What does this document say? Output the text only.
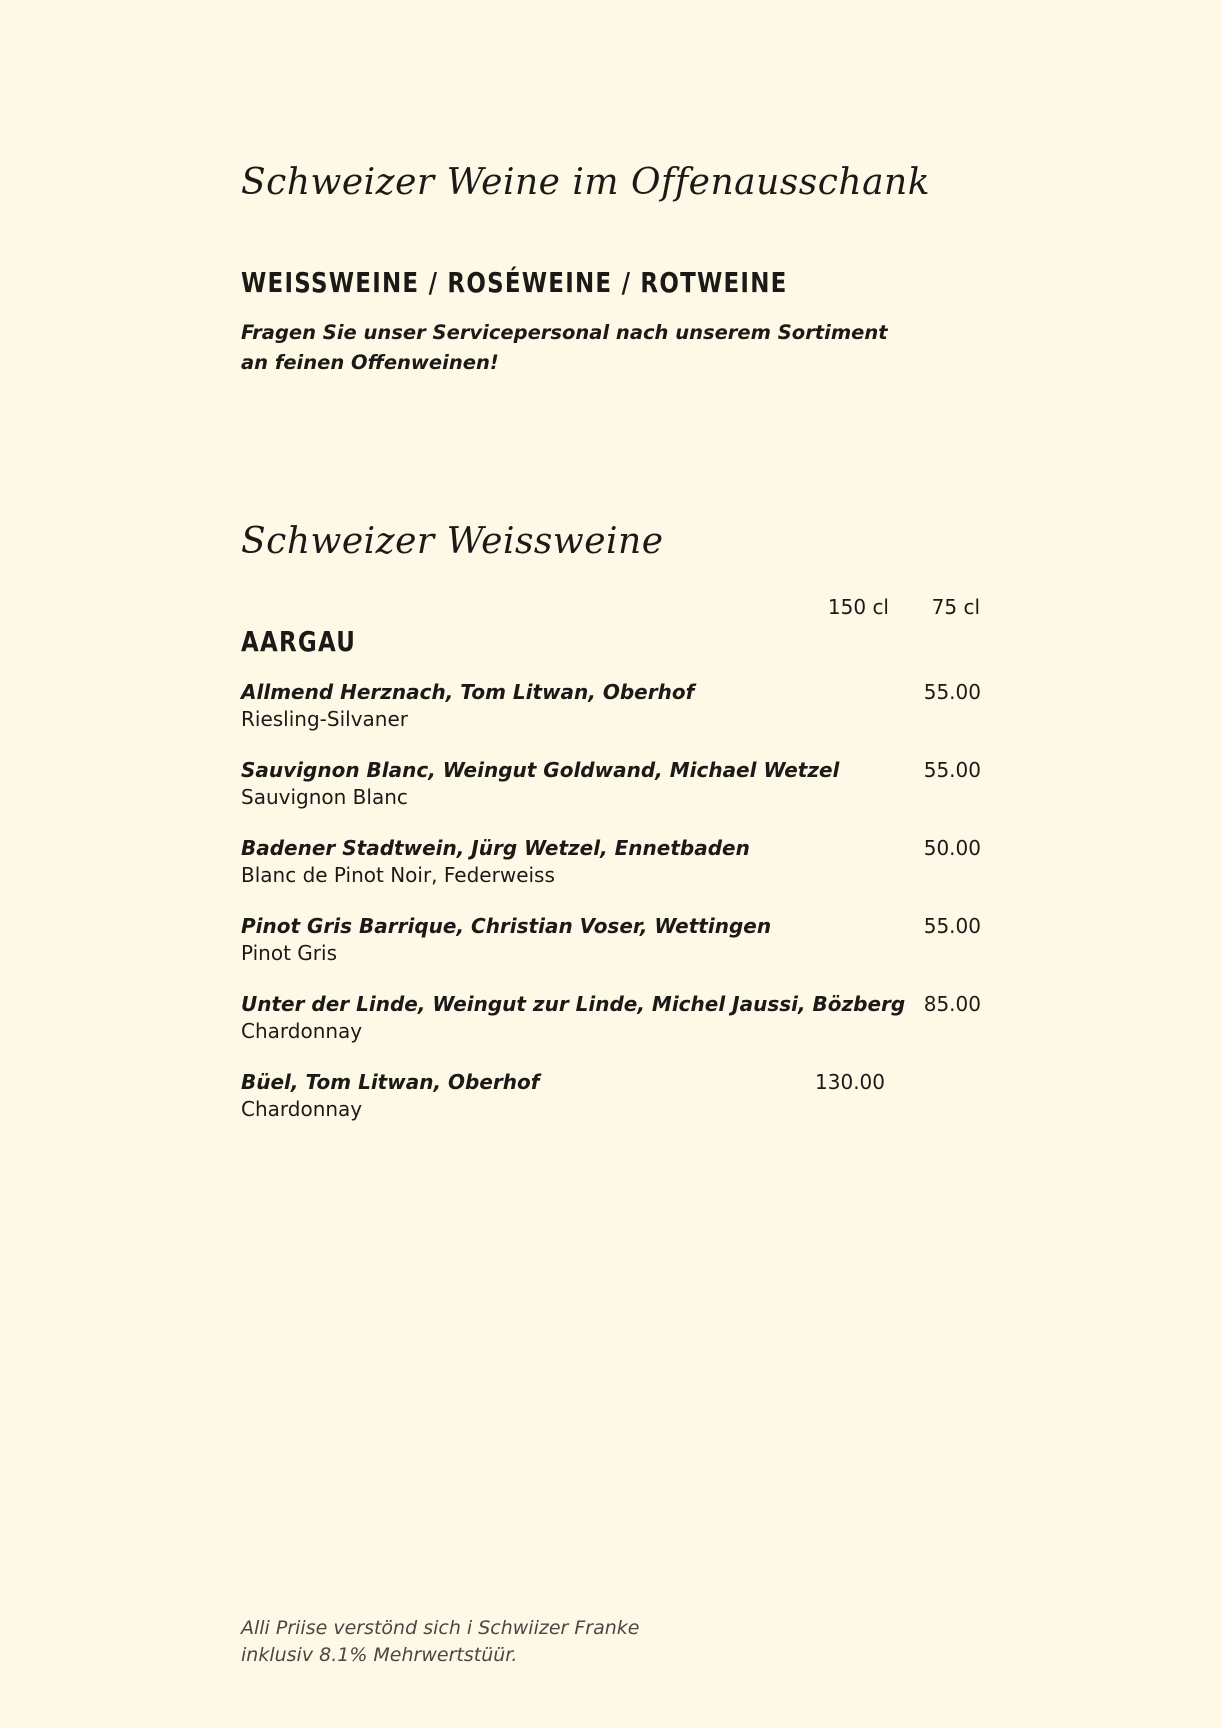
Schweizer Weine im Offenausschank
WEISSWEINE / ROSÉWEINE / ROTWEINE
Fragen Sie unser Servicepersonal nach unserem Sortiment
an feinen Offenweinen!
Schweizer Weissweine
150 cl 75 cl
AARGAU
Allmend Herznach, Tom Litwan, Oberhof
Riesling-Silvaner
55.00
Sauvignon Blanc, Weingut Goldwand, Michael Wetzel
Sauvignon Blanc
55.00
Badener Stadtwein, Jürg Wetzel, Ennetbaden
Blanc de Pinot Noir, Federweiss
50.00
Pinot Gris Barrique, Christian Voser, Wettingen
Pinot Gris
55.00
Unter der Linde, Weingut zur Linde, Michel Jaussi, Bözberg
Chardonnay
85.00
Büel, Tom Litwan, Oberhof
Chardonnay
130.00
Alli Priise verstönd sich i Schwiizer Franke
inklusiv 8.1% Mehrwertstüür.
